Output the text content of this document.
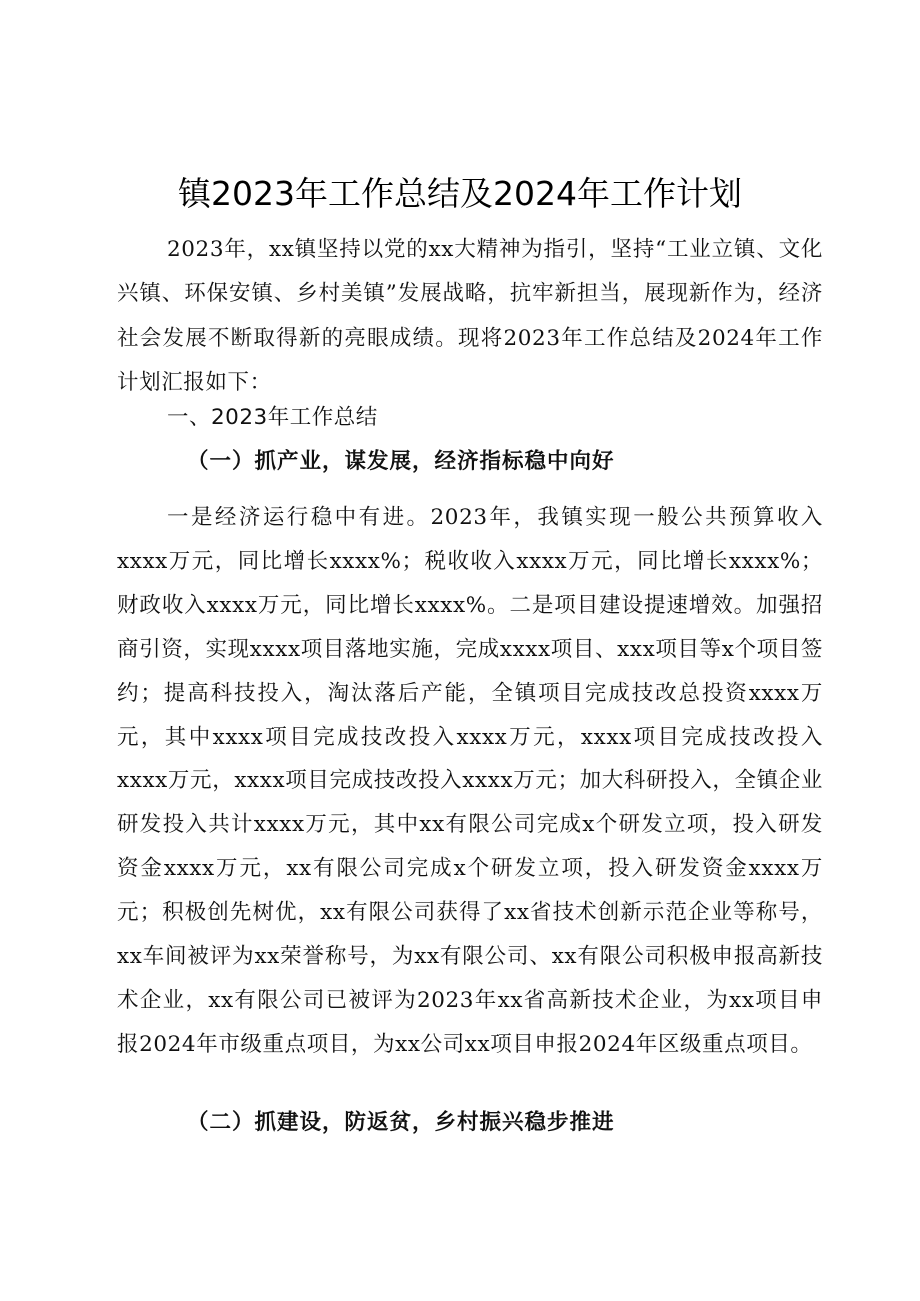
镇2023年工作总结及2024年工作计划

2023年，xx镇坚持以党的xx大精神为指引，坚持“工业立镇、文化兴镇、环保安镇、乡村美镇”发展战略，抗牢新担当，展现新作为，经济社会发展不断取得新的亮眼成绩。现将2023年工作总结及2024年工作计划汇报如下：

一、2023年工作总结
（一）抓产业，谋发展，经济指标稳中向好

一是经济运行稳中有进。2023年，我镇实现一般公共预算收入xxxx万元，同比增长xxxx%；税收收入xxxx万元，同比增长xxxx%；财政收入xxxx万元，同比增长xxxx%。二是项目建设提速增效。加强招商引资，实现xxxx项目落地实施，完成xxxx项目、xxx项目等x个项目签约；提高科技投入，淘汰落后产能，全镇项目完成技改总投资xxxx万元，其中xxxx项目完成技改投入xxxx万元，xxxx项目完成技改投入xxxx万元，xxxx项目完成技改投入xxxx万元；加大科研投入，全镇企业研发投入共计xxxx万元，其中xx有限公司完成x个研发立项，投入研发资金xxxx万元，xx有限公司完成x个研发立项，投入研发资金xxxx万元；积极创先树优，xx有限公司获得了xx省技术创新示范企业等称号，xx车间被评为xx荣誉称号，为xx有限公司、xx有限公司积极申报高新技术企业，xx有限公司已被评为2023年xx省高新技术企业，为xx项目申报2024年市级重点项目，为xx公司xx项目申报2024年区级重点项目。

（二）抓建设，防返贫，乡村振兴稳步推进
